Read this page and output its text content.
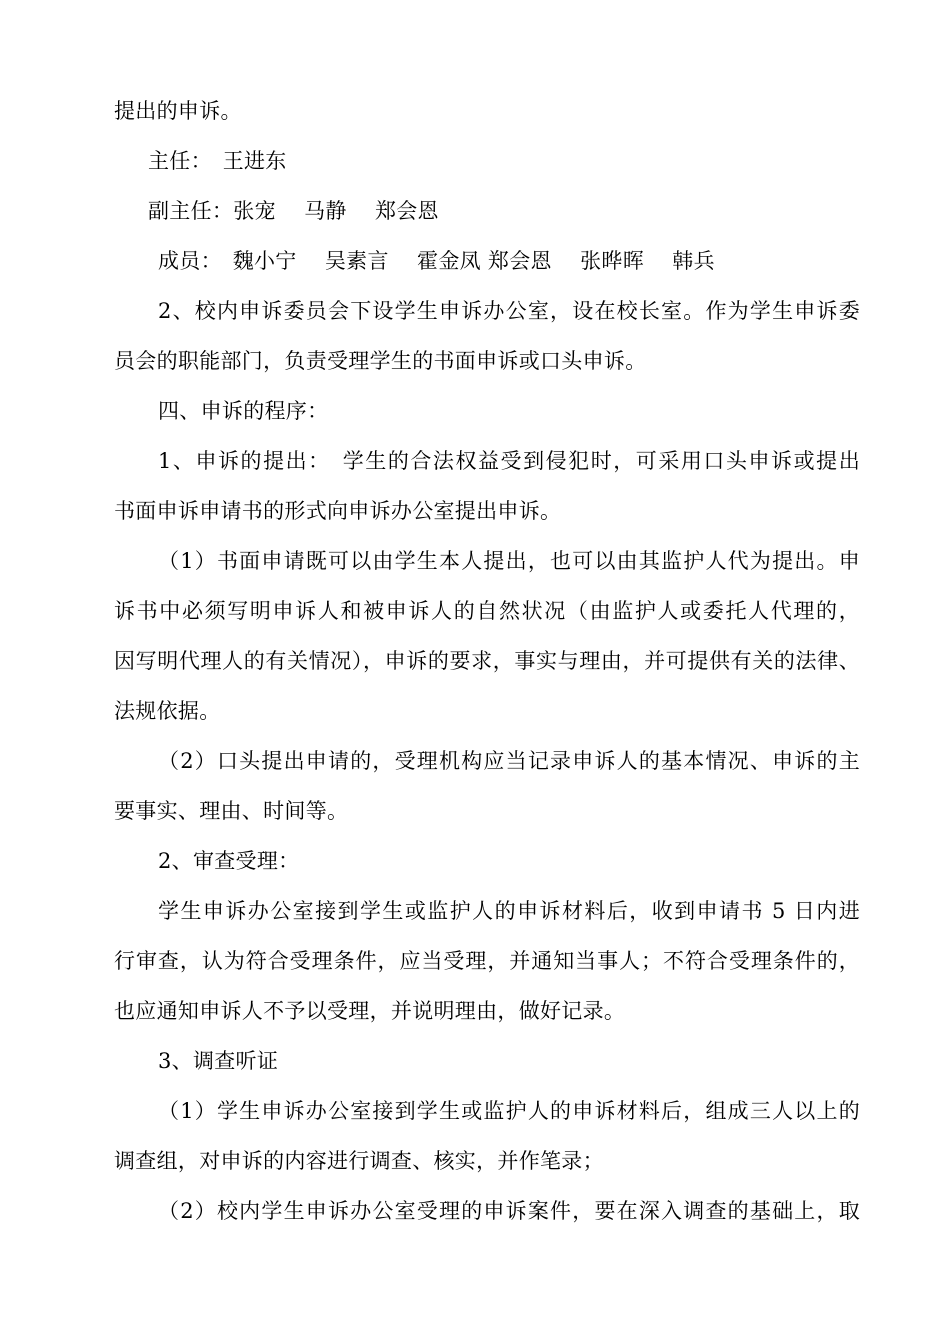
提出的申诉。
主任：　王进东
副主任：张宠　 马静　 郑会恩
成员：　魏小宁　 吴素言　 霍金凤 郑会恩　 张晔晖　 韩兵
2、校内申诉委员会下设学生申诉办公室，设在校长室。作为学生申诉委
员会的职能部门，负责受理学生的书面申诉或口头申诉。
四、申诉的程序：
1、申诉的提出：　学生的合法权益受到侵犯时，可采用口头申诉或提出
书面申诉申请书的形式向申诉办公室提出申诉。
（1）书面申请既可以由学生本人提出，也可以由其监护人代为提出。申
诉书中必须写明申诉人和被申诉人的自然状况（由监护人或委托人代理的，
因写明代理人的有关情况），申诉的要求，事实与理由，并可提供有关的法律、
法规依据。
（2）口头提出申请的，受理机构应当记录申诉人的基本情况、申诉的主
要事实、理由、时间等。
2、审查受理：
学生申诉办公室接到学生或监护人的申诉材料后，收到申请书 5 日内进
行审查，认为符合受理条件，应当受理，并通知当事人；不符合受理条件的，
也应通知申诉人不予以受理，并说明理由，做好记录。
3、调查听证
（1）学生申诉办公室接到学生或监护人的申诉材料后，组成三人以上的
调查组，对申诉的内容进行调查、核实，并作笔录；
（2）校内学生申诉办公室受理的申诉案件，要在深入调查的基础上，取
